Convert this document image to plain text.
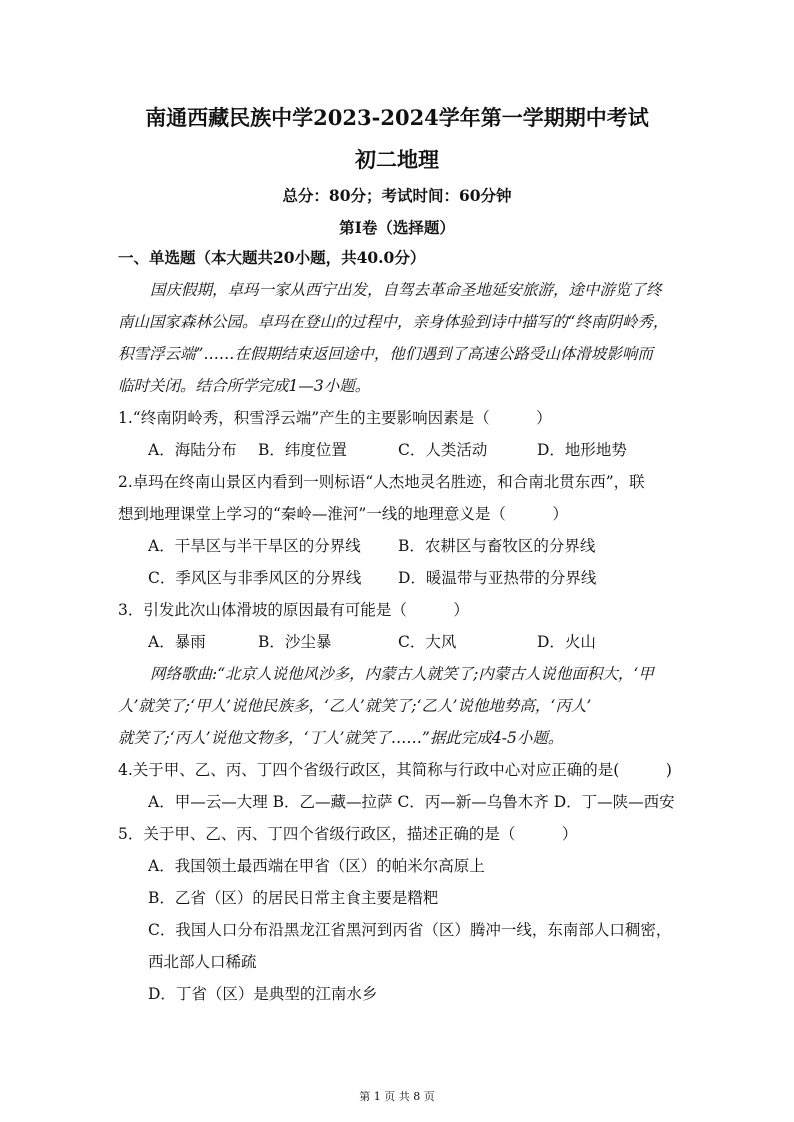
南通西藏民族中学2023-2024学年第一学期期中考试
初二地理
总分：80分；考试时间：60分钟
第Ⅰ卷（选择题）
一、单选题（本大题共20小题，共40.0分）
国庆假期，卓玛一家从西宁出发，自驾去革命圣地延安旅游，途中游览了终
南山国家森林公园。卓玛在登山的过程中，亲身体验到诗中描写的“终南阴岭秀，
积雪浮云端”……在假期结束返回途中，他们遇到了高速公路受山体滑坡影响而
临时关闭。结合所学完成1—3小题。
1.“终南阴岭秀，积雪浮云端”产生的主要影响因素是（　　　）
A．海陆分布 B．纬度位置	C．人类活动	D．地形地势
2.卓玛在终南山景区内看到一则标语“人杰地灵名胜迹，和合南北贯东西”，联
想到地理课堂上学习的“秦岭—淮河”一线的地理意义是（　　　）
A．干旱区与半干旱区的分界线 B．农耕区与畜牧区的分界线
C．季风区与非季风区的分界线 D．暖温带与亚热带的分界线
3．引发此次山体滑坡的原因最有可能是（　　　）
A．暴雨	B．沙尘暴	C．大风	D．火山
网络歌曲:“北京人说他风沙多，内蒙古人就笑了;内蒙古人说他面积大，‘甲
人’就笑了;‘甲人’说他民族多，‘乙人’就笑了;‘乙人’说他地势高，‘丙人’
就笑了;‘丙人’说他文物多，‘丁人’就笑了……”据此完成4-5小题。
4.关于甲、乙、丙、丁四个省级行政区，其简称与行政中心对应正确的是(　　　)
A．甲—云—大理 B．乙—藏—拉萨 C．丙—新—乌鲁木齐 D．丁—陕—西安
5．关于甲、乙、丙、丁四个省级行政区，描述正确的是（　　　）
A．我国领土最西端在甲省（区）的帕米尔高原上
B．乙省（区）的居民日常主食主要是糌粑
C．我国人口分布沿黑龙江省黑河到丙省（区）腾冲一线，东南部人口稠密，
西北部人口稀疏
D．丁省（区）是典型的江南水乡
第 1 页 共 8 页
